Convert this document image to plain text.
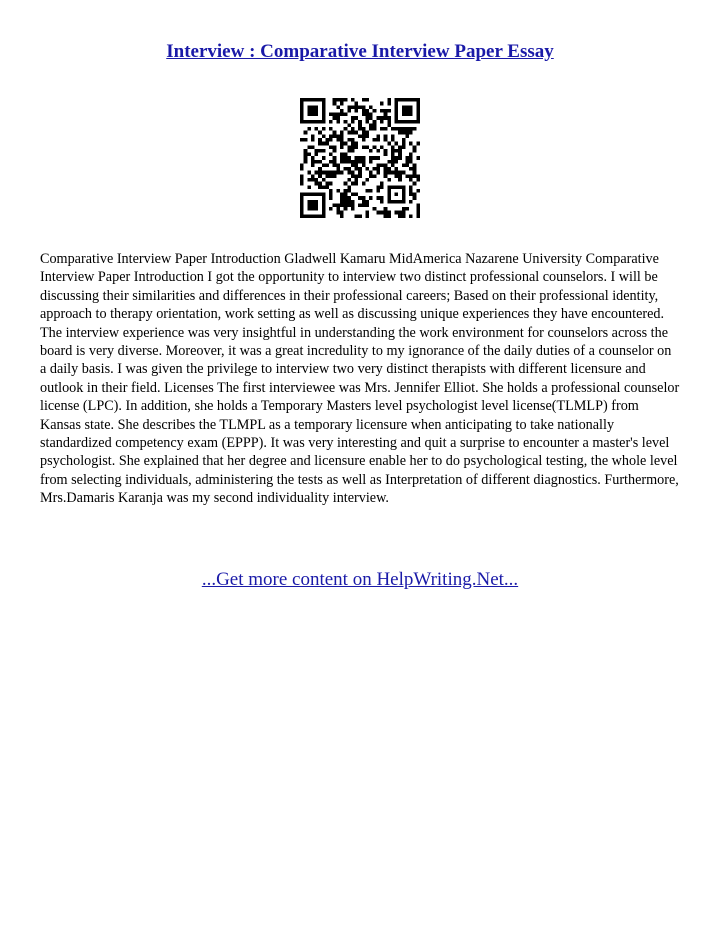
Interview : Comparative Interview Paper Essay

Comparative Interview Paper Introduction Gladwell Kamaru MidAmerica Nazarene University Comparative Interview Paper Introduction I got the opportunity to interview two distinct professional counselors. I will be discussing their similarities and differences in their professional careers; Based on their professional identity, approach to therapy orientation, work setting as well as discussing unique experiences they have encountered. The interview experience was very insightful in understanding the work environment for counselors across the board is very diverse. Moreover, it was a great incredulity to my ignorance of the daily duties of a counselor on a daily basis. I was given the privilege to interview two very distinct therapists with different licensure and outlook in their field. Licenses The first interviewee was Mrs. Jennifer Elliot. She holds a professional counselor license (LPC). In addition, she holds a Temporary Masters level psychologist level license(TLMLP) from Kansas state. She describes the TLMPL as a temporary licensure when anticipating to take nationally standardized competency exam (EPPP). It was very interesting and quit a surprise to encounter a master's level psychologist. She explained that her degree and licensure enable her to do psychological testing, the whole level from selecting individuals, administering the tests as well as Interpretation of different diagnostics. Furthermore, Mrs.Damaris Karanja was my second individuality interview.

...Get more content on HelpWriting.Net...
